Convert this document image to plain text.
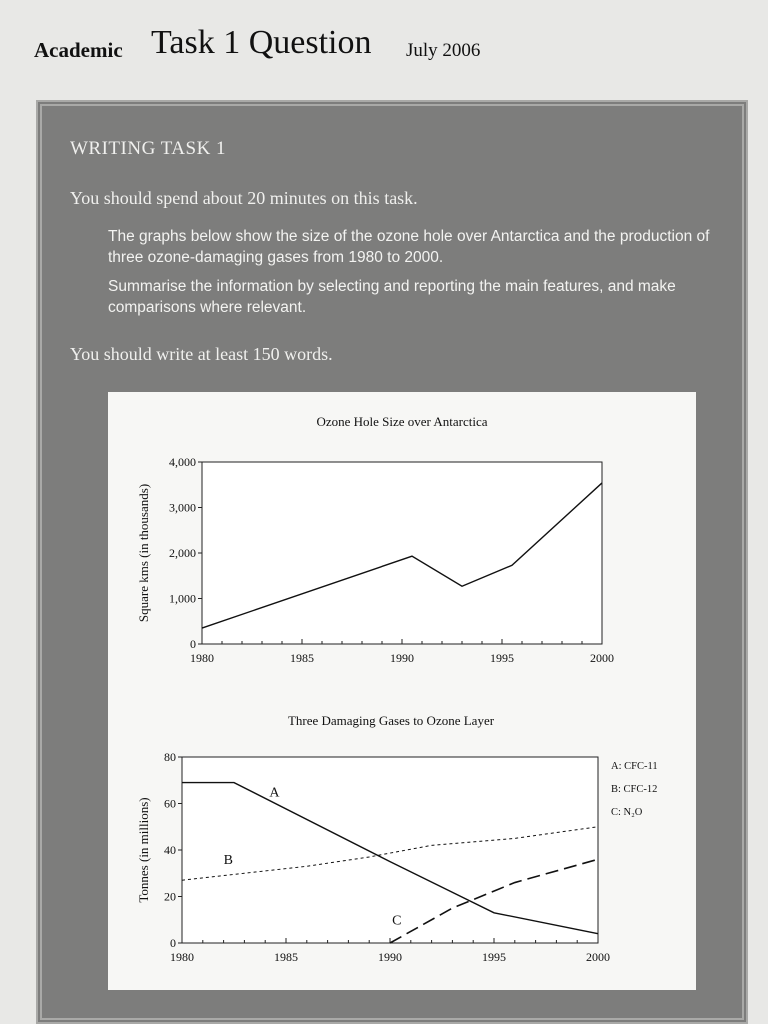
Academic Task 1 Question July 2006
WRITING TASK 1
You should spend about 20 minutes on this task.
The graphs below show the size of the ozone hole over Antarctica and the production of three ozone-damaging gases from 1980 to 2000.
Summarise the information by selecting and reporting the main features, and make comparisons where relevant.
You should write at least 150 words.
Ozone Hole Size over Antarctica
1980	1985	1990	1995	2000
0
1,000
2,000
3,000
4,000
Square kms (in thousands)
Three Damaging Gases to Ozone Layer
1980	1985	1990	1995	2000
0
20
40
60
80
Tonnes (in millions)
A
B
C
A: CFC-11
B: CFC-12
C: N₂O
